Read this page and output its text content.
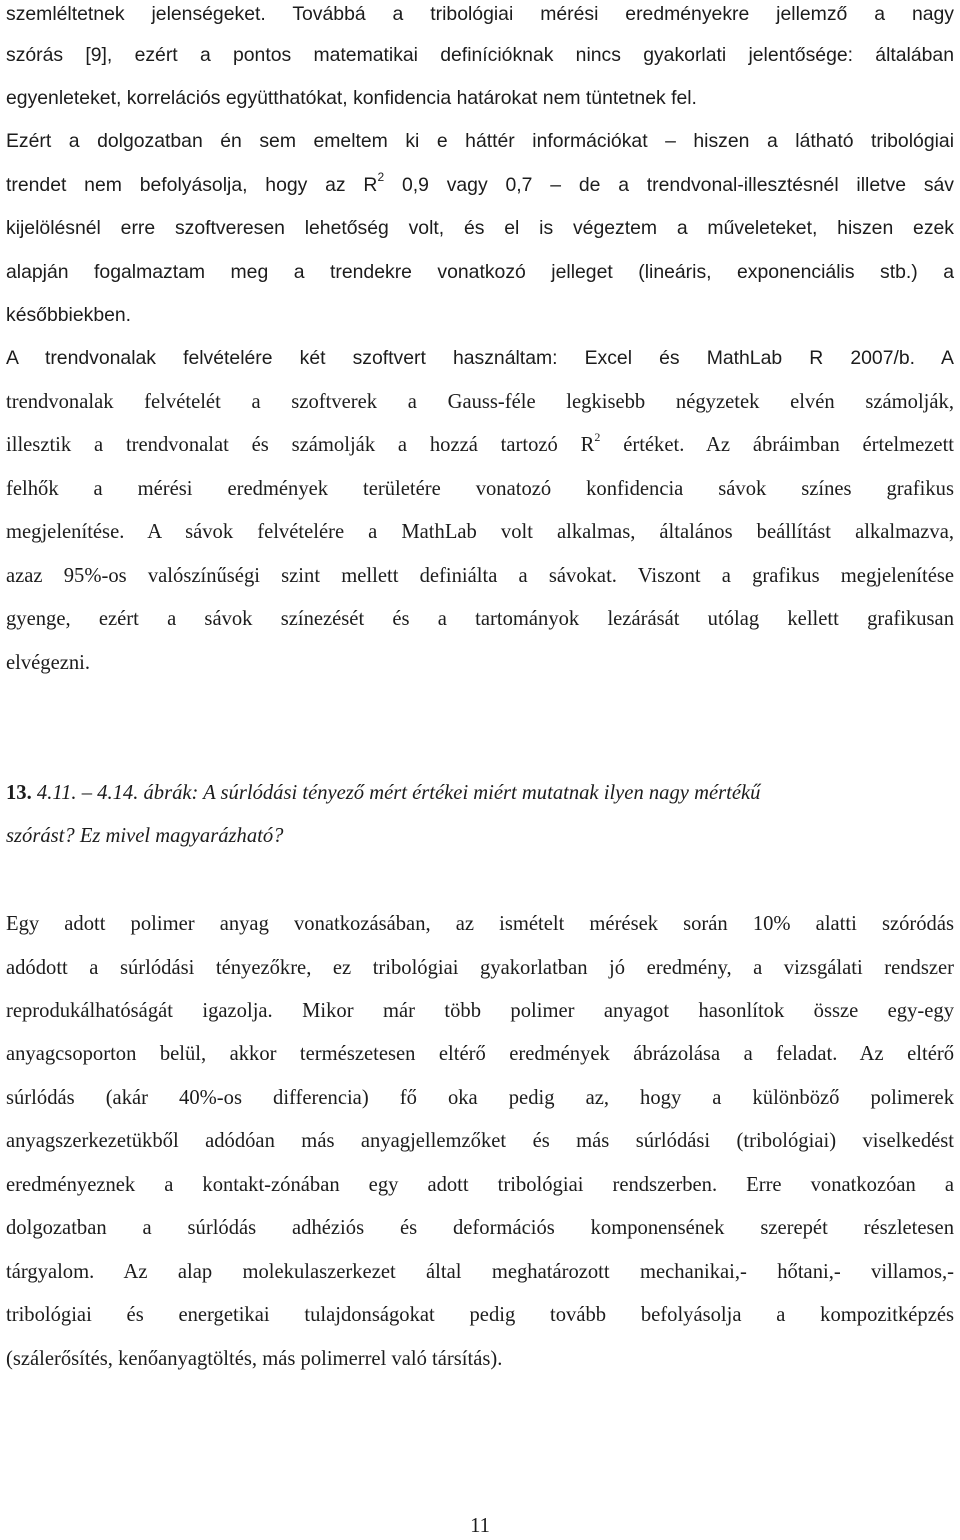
szemléltetnek jelenségeket. Továbbá a tribológiai mérési eredményekre jellemző a nagy
szórás [9], ezért a pontos matematikai definícióknak nincs gyakorlati jelentősége: általában
egyenleteket, korrelációs együtthatókat, konfidencia határokat nem tüntetnek fel.
Ezért a dolgozatban én sem emeltem ki e háttér információkat – hiszen a látható tribológiai
trendet nem befolyásolja, hogy az $R^2$ 0,9 vagy 0,7 – de a trendvonal-illesztésnél illetve sáv
kijelölésnél erre szoftveresen lehetőség volt, és el is végeztem a műveleteket, hiszen ezek
alapján fogalmaztam meg a trendekre vonatkozó jelleget (lineáris, exponenciális stb.) a
későbbiekben.
A trendvonalak felvételére két szoftvert használtam: Excel és MathLab R 2007/b. A
trendvonalak felvételét a szoftverek a Gauss-féle legkisebb négyzetek elvén számolják,
illesztik a trendvonalat és számolják a hozzá tartozó $R^2$ értéket. Az ábráimban értelmezett
felhők a mérési eredmények területére vonatozó konfidencia sávok színes grafikus
megjelenítése. A sávok felvételére a MathLab volt alkalmas, általános beállítást alkalmazva,
azaz 95%-os valószínűségi szint mellett definiálta a sávokat. Viszont a grafikus megjelenítése
gyenge, ezért a sávok színezését és a tartományok lezárását utólag kellett grafikusan
elvégezni.
13. 4.11. – 4.14. ábrák: A súrlódási tényező mért értékei miért mutatnak ilyen nagy mértékű
szórást? Ez mivel magyarázható?
Egy adott polimer anyag vonatkozásában, az ismételt mérések során 10% alatti szóródás
adódott a súrlódási tényezőkre, ez tribológiai gyakorlatban jó eredmény, a vizsgálati rendszer
reprodukálhatóságát igazolja. Mikor már több polimer anyagot hasonlítok össze egy-egy
anyagcsoporton belül, akkor természetesen eltérő eredmények ábrázolása a feladat. Az eltérő
súrlódás (akár 40%-os differencia) fő oka pedig az, hogy a különböző polimerek
anyagszerkezetükből adódóan más anyagjellemzőket és más súrlódási (tribológiai) viselkedést
eredményeznek a kontakt-zónában egy adott tribológiai rendszerben. Erre vonatkozóan a
dolgozatban a súrlódás adhéziós és deformációs komponensének szerepét részletesen
tárgyalom. Az alap molekulaszerkezet által meghatározott mechanikai,- hőtani,- villamos,-
tribológiai és energetikai tulajdonságokat pedig tovább befolyásolja a kompozitképzés
(szálerősítés, kenőanyagtöltés, más polimerrel való társítás).
11
